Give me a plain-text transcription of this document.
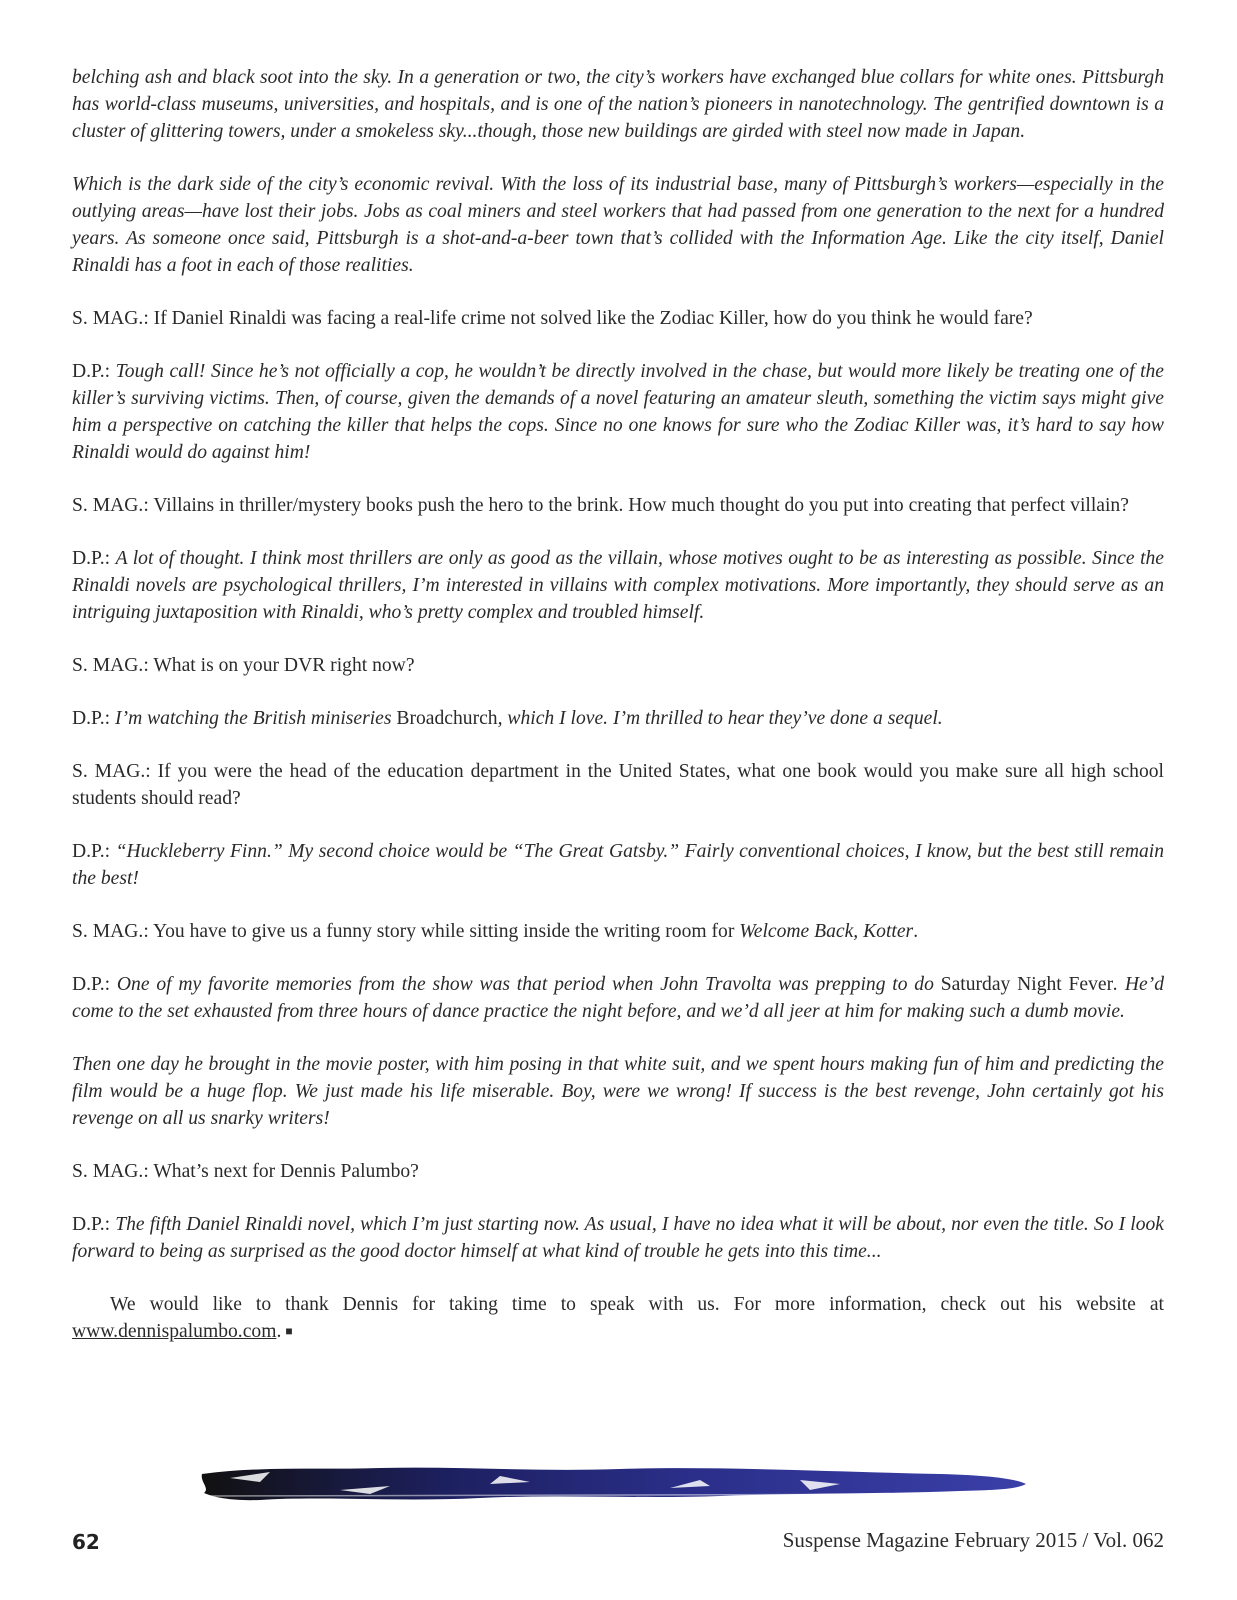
belching ash and black soot into the sky. In a generation or two, the city’s workers have exchanged blue collars for white ones. Pittsburgh has world-class museums, universities, and hospitals, and is one of the nation’s pioneers in nanotechnology. The gentrified downtown is a cluster of glittering towers, under a smokeless sky...though, those new buildings are girded with steel now made in Japan.

Which is the dark side of the city’s economic revival. With the loss of its industrial base, many of Pittsburgh’s workers—especially in the outlying areas—have lost their jobs. Jobs as coal miners and steel workers that had passed from one generation to the next for a hundred years. As someone once said, Pittsburgh is a shot-and-a-beer town that’s collided with the Information Age. Like the city itself, Daniel Rinaldi has a foot in each of those realities.

S. MAG.: If Daniel Rinaldi was facing a real-life crime not solved like the Zodiac Killer, how do you think he would fare?

D.P.: Tough call! Since he’s not officially a cop, he wouldn’t be directly involved in the chase, but would more likely be treating one of the killer’s surviving victims. Then, of course, given the demands of a novel featuring an amateur sleuth, something the victim says might give him a perspective on catching the killer that helps the cops. Since no one knows for sure who the Zodiac Killer was, it’s hard to say how Rinaldi would do against him!

S. MAG.: Villains in thriller/mystery books push the hero to the brink. How much thought do you put into creating that perfect villain?

D.P.: A lot of thought. I think most thrillers are only as good as the villain, whose motives ought to be as interesting as possible. Since the Rinaldi novels are psychological thrillers, I’m interested in villains with complex motivations. More importantly, they should serve as an intriguing juxtaposition with Rinaldi, who’s pretty complex and troubled himself.

S. MAG.: What is on your DVR right now?

D.P.: I’m watching the British miniseries Broadchurch, which I love. I’m thrilled to hear they’ve done a sequel.

S. MAG.: If you were the head of the education department in the United States, what one book would you make sure all high school students should read?

D.P.: “Huckleberry Finn.” My second choice would be “The Great Gatsby.” Fairly conventional choices, I know, but the best still remain the best!

S. MAG.: You have to give us a funny story while sitting inside the writing room for Welcome Back, Kotter.

D.P.: One of my favorite memories from the show was that period when John Travolta was prepping to do Saturday Night Fever. He’d come to the set exhausted from three hours of dance practice the night before, and we’d all jeer at him for making such a dumb movie.

Then one day he brought in the movie poster, with him posing in that white suit, and we spent hours making fun of him and predicting the film would be a huge flop. We just made his life miserable. Boy, were we wrong! If success is the best revenge, John certainly got his revenge on all us snarky writers!

S. MAG.: What’s next for Dennis Palumbo?

D.P.: The fifth Daniel Rinaldi novel, which I’m just starting now. As usual, I have no idea what it will be about, nor even the title. So I look forward to being as surprised as the good doctor himself at what kind of trouble he gets into this time...

We would like to thank Dennis for taking time to speak with us. For more information, check out his website at www.dennispalumbo.com. ■

62	Suspense Magazine February 2015 / Vol. 062
